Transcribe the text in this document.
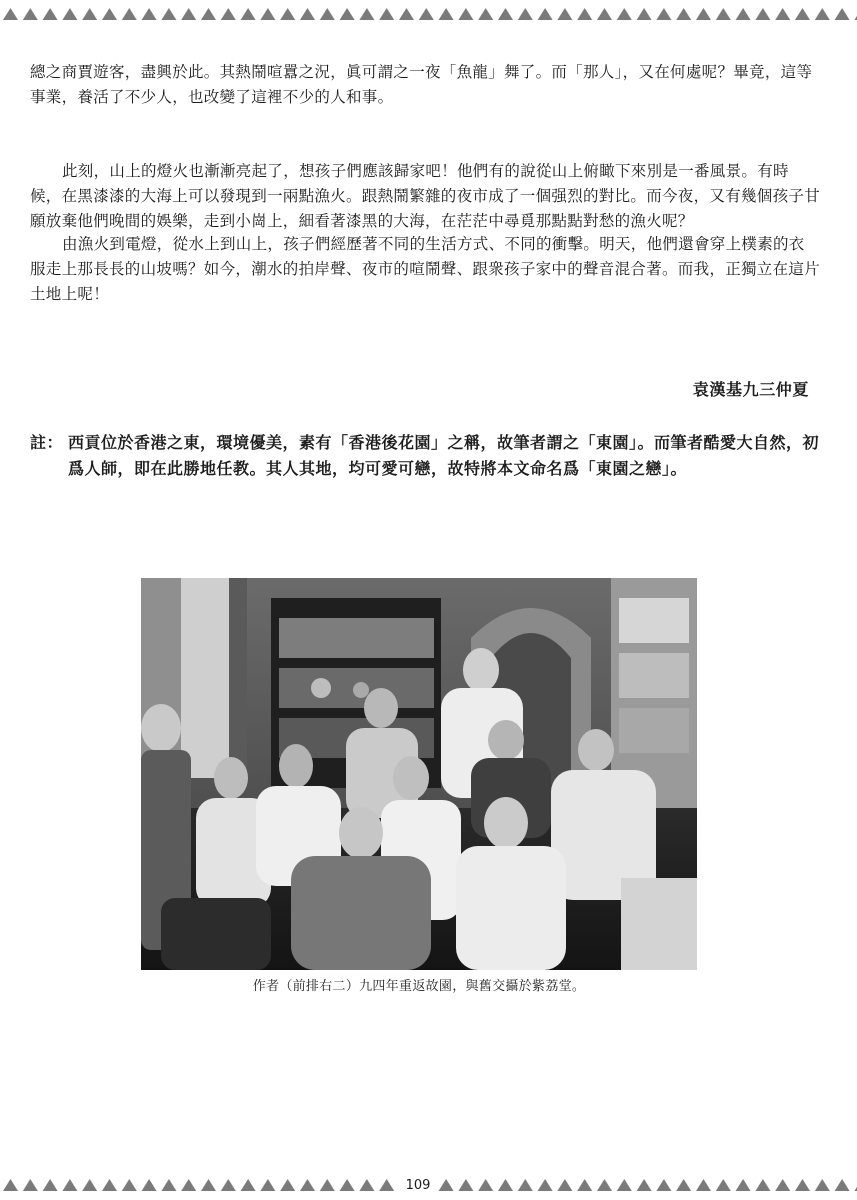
總之商賈遊客，盡興於此。其熱鬧喧囂之況，眞可謂之一夜「魚龍」舞了。而「那人」，又在何處呢？畢竟，這等事業，養活了不少人，也改變了這裡不少的人和事。

此刻，山上的燈火也漸漸亮起了，想孩子們應該歸家吧！他們有的說從山上俯瞰下來別是一番風景。有時候，在黑漆漆的大海上可以發現到一兩點漁火。跟熱鬧繁雜的夜市成了一個强烈的對比。而今夜，又有幾個孩子甘願放棄他們晚間的娛樂，走到小崗上，細看著漆黑的大海，在茫茫中尋覓那點點對愁的漁火呢？

由漁火到電燈，從水上到山上，孩子們經歷著不同的生活方式、不同的衝擊。明天，他們還會穿上樸素的衣服走上那長長的山坡嗎？如今，潮水的拍岸聲、夜市的喧鬧聲、跟衆孩子家中的聲音混合著。而我，正獨立在這片土地上呢！

袁漢基九三仲夏
註： 西貢位於香港之東，環境優美，素有「香港後花園」之稱，故筆者謂之「東園」。而筆者酷愛大自然，初爲人師，即在此勝地任教。其人其地，均可愛可戀，故特將本文命名爲「東園之戀」。
作者（前排右二）九四年重返故園，與舊交攝於紫荔堂。
109
